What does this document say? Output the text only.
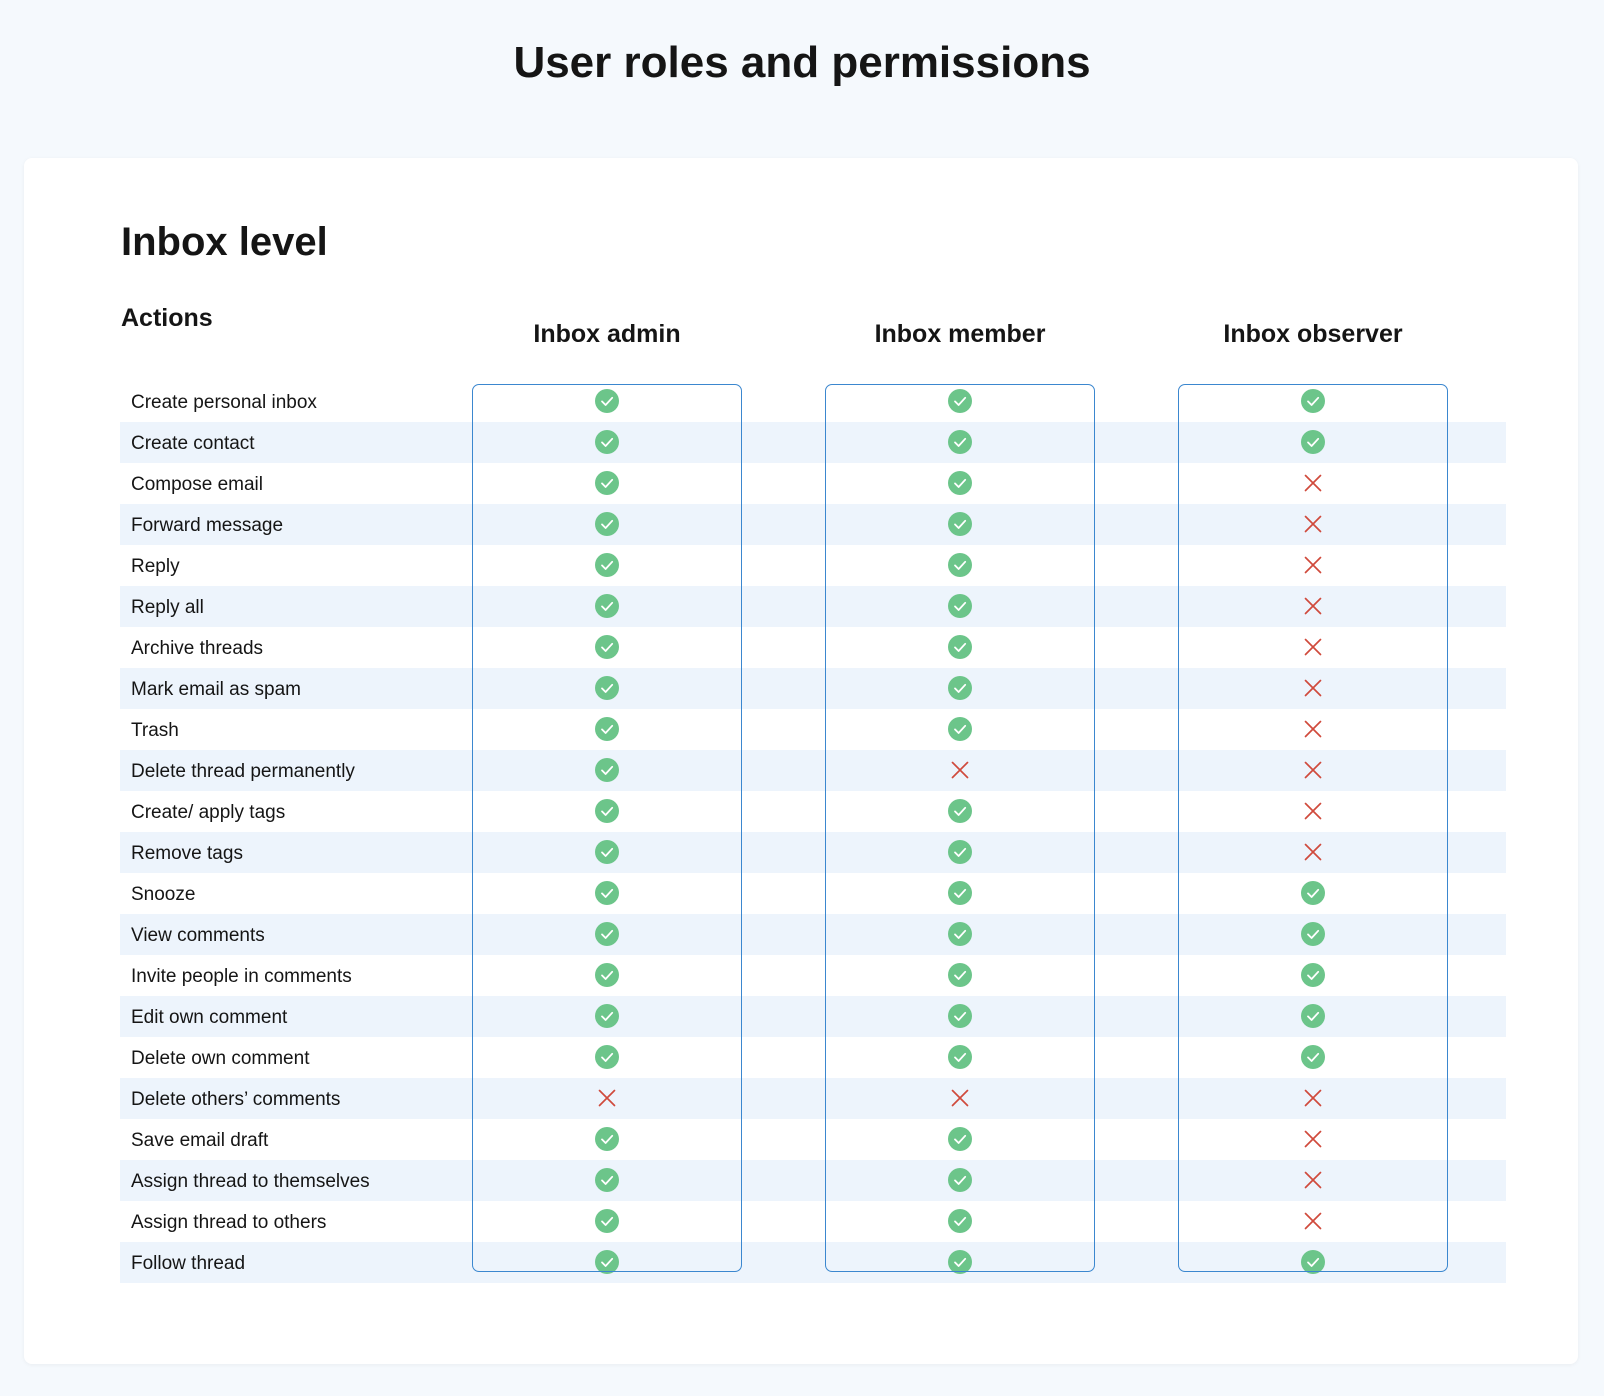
User roles and permissions
Inbox level
Actions
Inbox admin	Inbox member	Inbox observer
Create personal inbox
Create contact
Compose email
Forward message
Reply
Reply all
Archive threads
Mark email as spam
Trash
Delete thread permanently
Create/ apply tags
Remove tags
Snooze
View comments
Invite people in comments
Edit own comment
Delete own comment
Delete others’ comments
Save email draft
Assign thread to themselves
Assign thread to others
Follow thread
